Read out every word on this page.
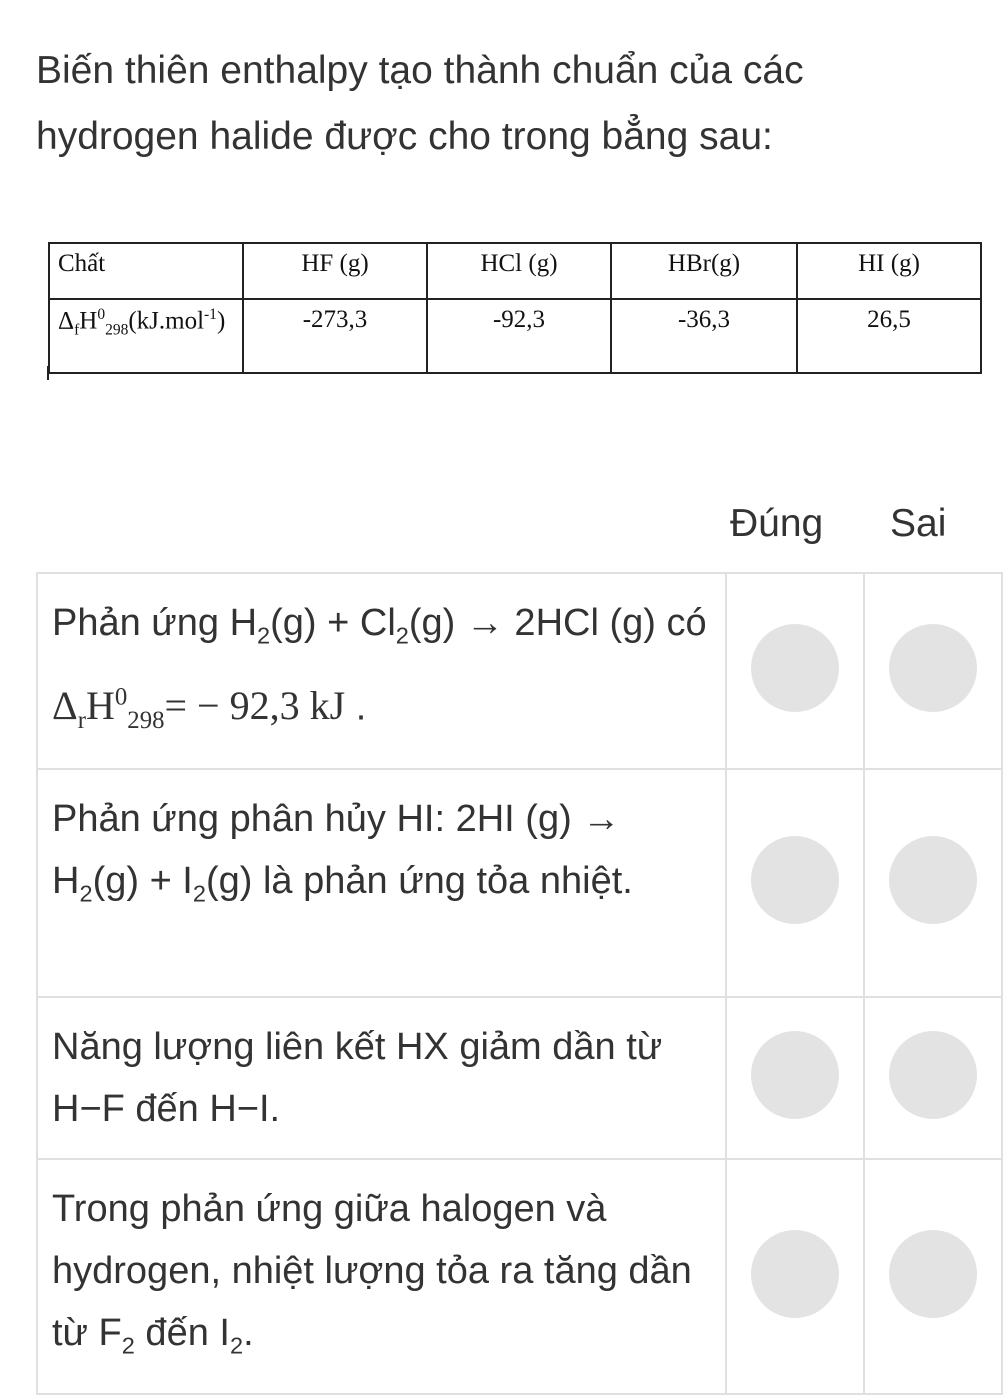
Biến thiên enthalpy tạo thành chuẩn của các
hydrogen halide được cho trong bẳng sau:
Chất	HF (g)	HCl (g)	HBr(g)	HI (g)
$\Delta_fH^0_{298}(kJ.mol^{-1})$	-273,3	-92,3	-36,3	26,5
Đúng Sai
Phản ứng $H_2(g) + Cl_2(g) \to 2HCl$ (g) có $\Delta_rH^0_{298}= - 92,3$ kJ .		
Phản ứng phân hủy HI: 2HI $(g) \to H_2(g) + I_2(g)$ là phản ứng tỏa nhiệt.		
Năng lượng liên kết HX giảm dần từ H−F đến H−I.		
Trong phản ứng giữa halogen và hydrogen, nhiệt lượng tỏa ra tăng dần từ $F_2$ đến $I_2$.		
